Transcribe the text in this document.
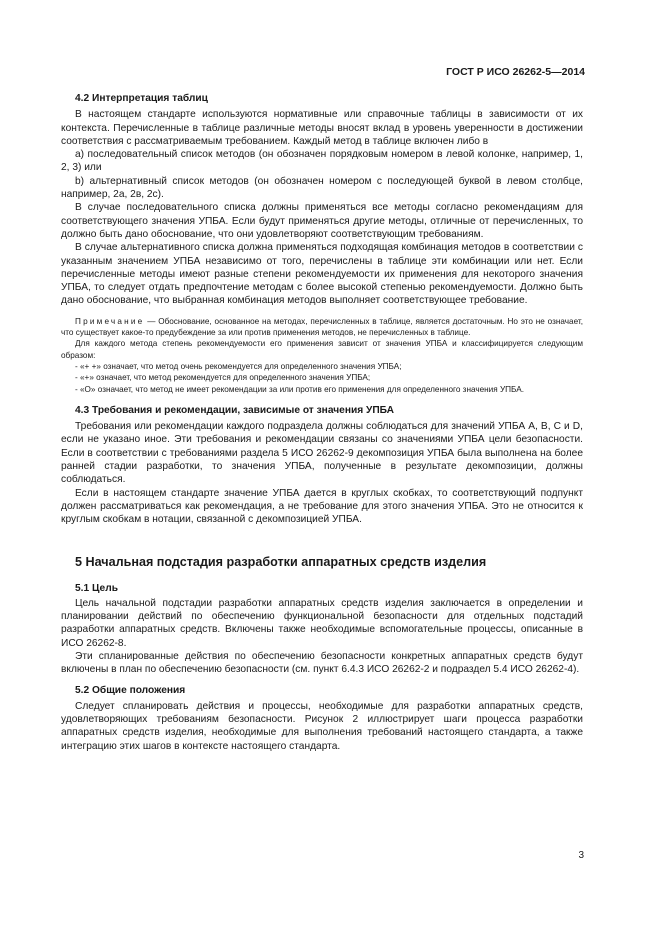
ГОСТ Р ИСО 26262-5—2014
4.2 Интерпретация таблиц

В настоящем стандарте используются нормативные или справочные таблицы в зависимости от их контекста. Перечисленные в таблице различные методы вносят вклад в уровень уверенности в достижении соответствия с рассматриваемым требованием. Каждый метод в таблице включен либо в

а) последовательный список методов (он обозначен порядковым номером в левой колонке, например, 1, 2, 3) или

b) альтернативный список методов (он обозначен номером с последующей буквой в левом столбце, например, 2а, 2в, 2с).

В случае последовательного списка должны применяться все методы согласно рекомендациям для соответствующего значения УПБА. Если будут применяться другие методы, отличные от перечисленных, то должно быть дано обоснование, что они удовлетворяют соответствующим требованиям.

В случае альтернативного списка должна применяться подходящая комбинация методов в соответствии с указанным значением УПБА независимо от того, перечислены в таблице эти комбинации или нет. Если перечисленные методы имеют разные степени рекомендуемости их применения для некоторого значения УПБА, то следует отдать предпочтение методам с более высокой степенью рекомендуемости. Должно быть дано обоснование, что выбранная комбинация методов выполняет соответствующее требование.

Примечание — Обоснование, основанное на методах, перечисленных в таблице, является достаточным. Но это не означает, что существует какое-то предубеждение за или против применения методов, не перечисленных в таблице.

Для каждого метода степень рекомендуемости его применения зависит от значения УПБА и классифицируется следующим образом:

- «+ +» означает, что метод очень рекомендуется для определенного значения УПБА;

- «+» означает, что метод рекомендуется для определенного значения УПБА;

- «О» означает, что метод не имеет рекомендации за или против его применения для определенного значения УПБА.

4.3 Требования и рекомендации, зависимые от значения УПБА

Требования или рекомендации каждого подраздела должны соблюдаться для значений УПБА А, В, С и D, если не указано иное. Эти требования и рекомендации связаны со значениями УПБА цели безопасности. Если в соответствии с требованиями раздела 5 ИСО 26262-9 декомпозиция УПБА была выполнена на более ранней стадии разработки, то значения УПБА, полученные в результате декомпозиции, должны соблюдаться.

Если в настоящем стандарте значение УПБА дается в круглых скобках, то соответствующий подпункт должен рассматриваться как рекомендация, а не требование для этого значения УПБА. Это не относится к круглым скобкам в нотации, связанной с декомпозицией УПБА.

5 Начальная подстадия разработки аппаратных средств изделия
5.1 Цель

Цель начальной подстадии разработки аппаратных средств изделия заключается в определении и планировании действий по обеспечению функциональной безопасности для отдельных подстадий разработки аппаратных средств. Включены также необходимые вспомогательные процессы, описанные в ИСО 26262-8.

Эти спланированные действия по обеспечению безопасности конкретных аппаратных средств будут включены в план по обеспечению безопасности (см. пункт 6.4.3 ИСО 26262-2 и подраздел 5.4 ИСО 26262-4).

5.2 Общие положения

Следует спланировать действия и процессы, необходимые для разработки аппаратных средств, удовлетворяющих требованиям безопасности. Рисунок 2 иллюстрирует шаги процесса разработки аппаратных средств изделия, необходимые для выполнения требований настоящего стандарта, а также интеграцию этих шагов в контексте настоящего стандарта.

3
